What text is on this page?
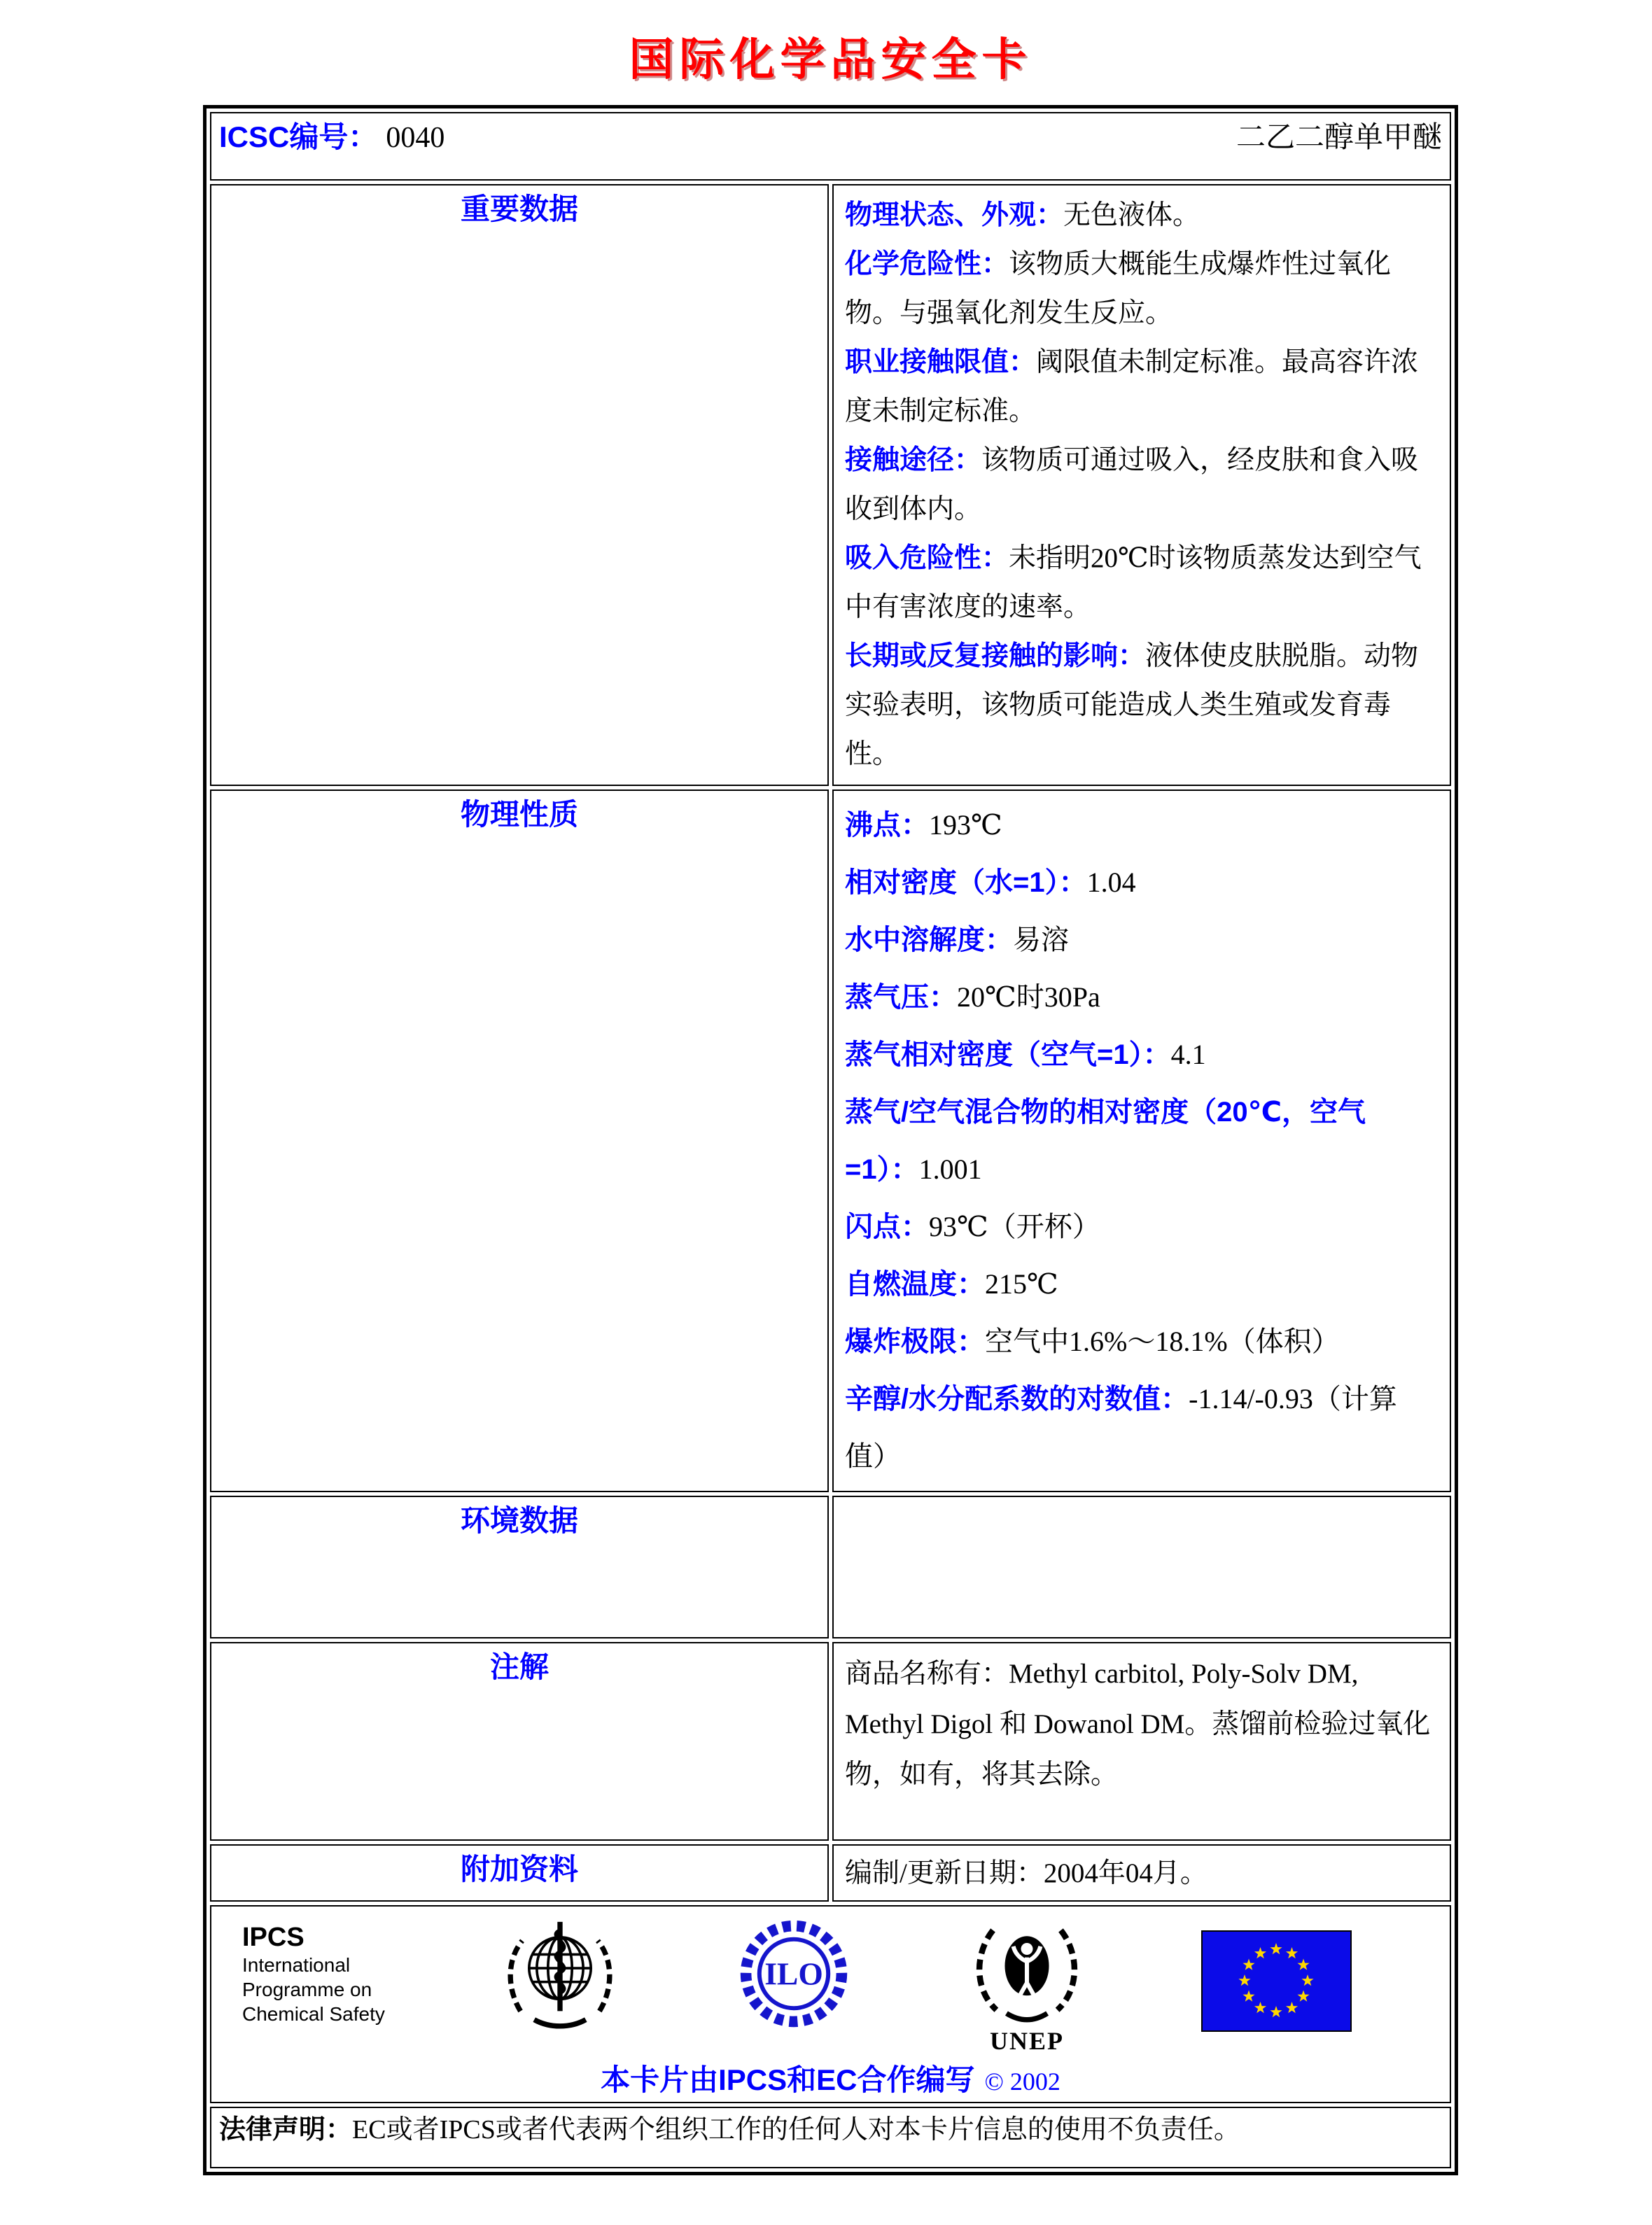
国际化学品安全卡
ICSC编号： 0040 二乙二醇单甲醚	

重要数据	物理状态、外观：无色液体。

化学危险性：该物质大概能生成爆炸性过氧化物。与强氧化剂发生反应。

职业接触限值：阈限值未制定标准。最高容许浓度未制定标准。

接触途径：该物质可通过吸入，经皮肤和食入吸收到体内。

吸入危险性：未指明20℃时该物质蒸发达到空气中有害浓度的速率。

长期或反复接触的影响：液体使皮肤脱脂。动物实验表明，该物质可能造成人类生殖或发育毒性。

物理性质	沸点：193℃

相对密度（水=1）：1.04

水中溶解度：易溶

蒸气压：20℃时30Pa

蒸气相对密度（空气=1）：4.1

蒸气/空气混合物的相对密度（20℃，空气=1）：1.001

闪点：93℃（开杯）

自燃温度：215℃

爆炸极限：空气中1.6%～18.1%（体积）

辛醇/水分配系数的对数值：-1.14/-0.93（计算值）

环境数据	
注解	商品名称有：Methyl carbitol, Poly-Solv DM, Methyl Digol 和 Dowanol DM。蒸馏前检验过氧化物，如有，将其去除。

附加资料	编制/更新日期：2004年04月。

IPCS
International
Programme on
Chemical Safety
ILO
UNEP
本卡片由IPCS和EC合作编写 © 2002

法律声明：EC或者IPCS或者代表两个组织工作的任何人对本卡片信息的使用不负责任。	
